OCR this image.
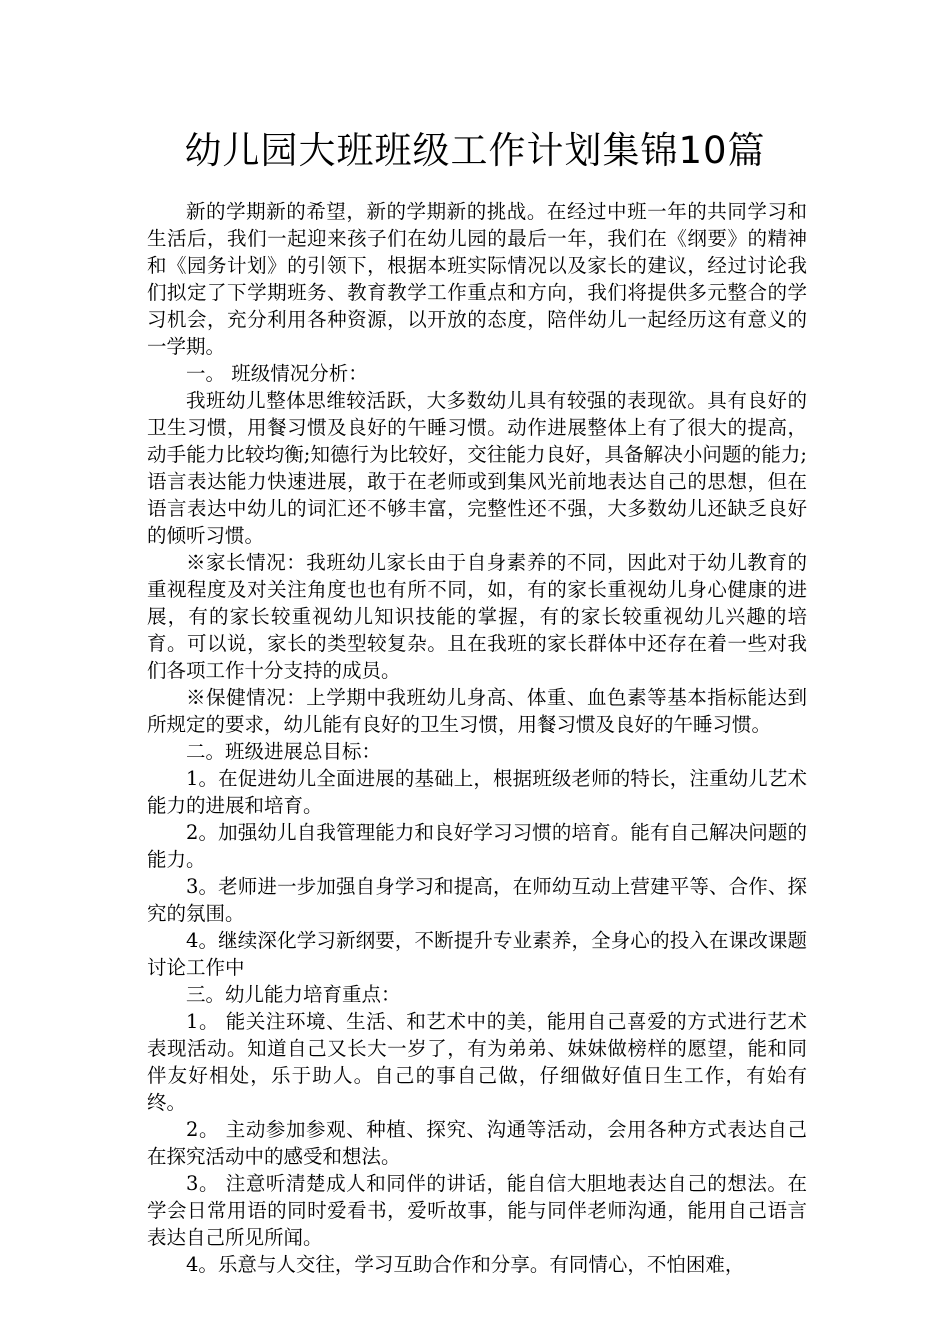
幼儿园大班班级工作计划集锦10篇

新的学期新的希望，新的学期新的挑战。在经过中班一年的共同学习和生活后，我们一起迎来孩子们在幼儿园的最后一年，我们在《纲要》的精神和《园务计划》的引领下，根据本班实际情况以及家长的建议，经过讨论我们拟定了下学期班务、教育教学工作重点和方向，我们将提供多元整合的学习机会，充分利用各种资源，以开放的态度，陪伴幼儿一起经历这有意义的一学期。

一。 班级情况分析：

我班幼儿整体思维较活跃，大多数幼儿具有较强的表现欲。具有良好的卫生习惯，用餐习惯及良好的午睡习惯。动作进展整体上有了很大的提高，动手能力比较均衡;知德行为比较好，交往能力良好，具备解决小问题的能力;语言表达能力快速进展，敢于在老师或到集风光前地表达自己的思想，但在语言表达中幼儿的词汇还不够丰富，完整性还不强，大多数幼儿还缺乏良好的倾听习惯。

※家长情况：我班幼儿家长由于自身素养的不同，因此对于幼儿教育的重视程度及对关注角度也也有所不同，如，有的家长重视幼儿身心健康的进展，有的家长较重视幼儿知识技能的掌握，有的家长较重视幼儿兴趣的培育。可以说，家长的类型较复杂。且在我班的家长群体中还存在着一些对我们各项工作十分支持的成员。

※保健情况：上学期中我班幼儿身高、体重、血色素等基本指标能达到所规定的要求，幼儿能有良好的卫生习惯，用餐习惯及良好的午睡习惯。

二。班级进展总目标：

1。在促进幼儿全面进展的基础上，根据班级老师的特长，注重幼儿艺术能力的进展和培育。

2。加强幼儿自我管理能力和良好学习习惯的培育。能有自己解决问题的能力。

3。老师进一步加强自身学习和提高，在师幼互动上营建平等、合作、探究的氛围。

4。继续深化学习新纲要，不断提升专业素养，全身心的投入在课改课题讨论工作中

三。幼儿能力培育重点：

1。 能关注环境、生活、和艺术中的美，能用自己喜爱的方式进行艺术表现活动。知道自己又长大一岁了，有为弟弟、妹妹做榜样的愿望，能和同伴友好相处，乐于助人。自己的事自己做，仔细做好值日生工作，有始有终。

2。 主动参加参观、种植、探究、沟通等活动，会用各种方式表达自己在探究活动中的感受和想法。

3。 注意听清楚成人和同伴的讲话，能自信大胆地表达自己的想法。在学会日常用语的同时爱看书，爱听故事，能与同伴老师沟通，能用自己语言表达自己所见所闻。

4。乐意与人交往，学习互助合作和分享。有同情心，不怕困难，
